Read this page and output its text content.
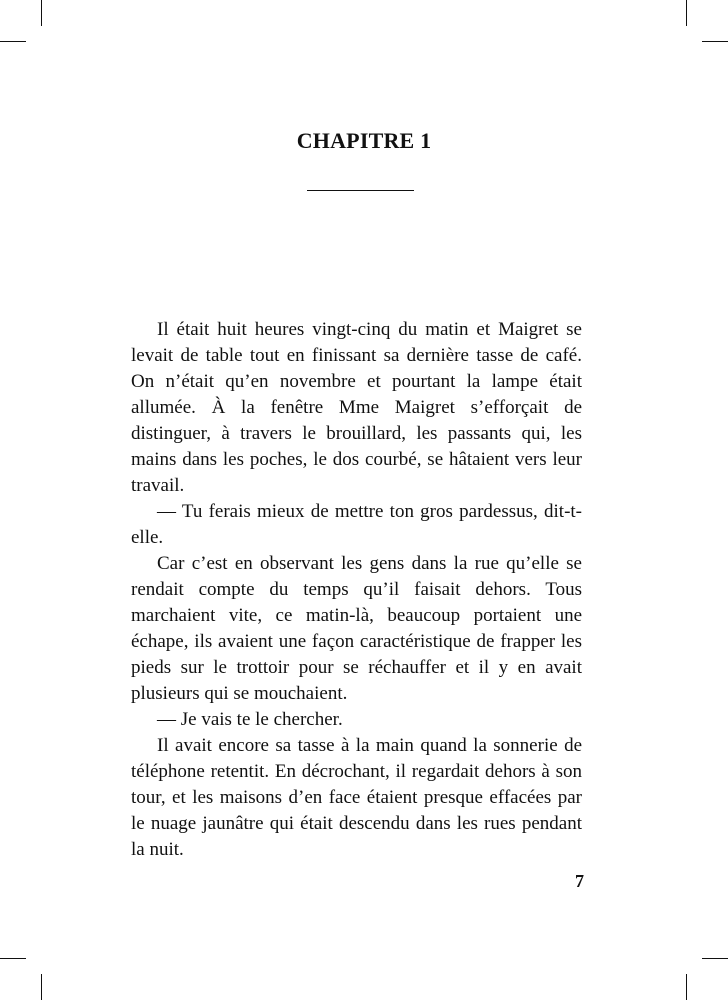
CHAPITRE 1

Il était huit heures vingt-cinq du matin et Maigret se levait de table tout en finissant sa dernière tasse de café. On n’était qu’en novembre et pourtant la lampe était allumée. À la fenêtre Mme Maigret s’efforçait de distinguer, à travers le brouillard, les passants qui, les mains dans les poches, le dos courbé, se hâtaient vers leur travail.

— Tu ferais mieux de mettre ton gros pardessus, dit-t-elle.

Car c’est en observant les gens dans la rue qu’elle se rendait compte du temps qu’il faisait dehors. Tous marchaient vite, ce matin-là, beaucoup portaient une échape, ils avaient une façon caractéristique de frapper les pieds sur le trottoir pour se réchauffer et il y en avait plusieurs qui se mouchaient.

— Je vais te le chercher.

Il avait encore sa tasse à la main quand la sonnerie de téléphone retentit. En décrochant, il regardait dehors à son tour, et les maisons d’en face étaient presque effacées par le nuage jaunâtre qui était descendu dans les rues pendant la nuit.

7
